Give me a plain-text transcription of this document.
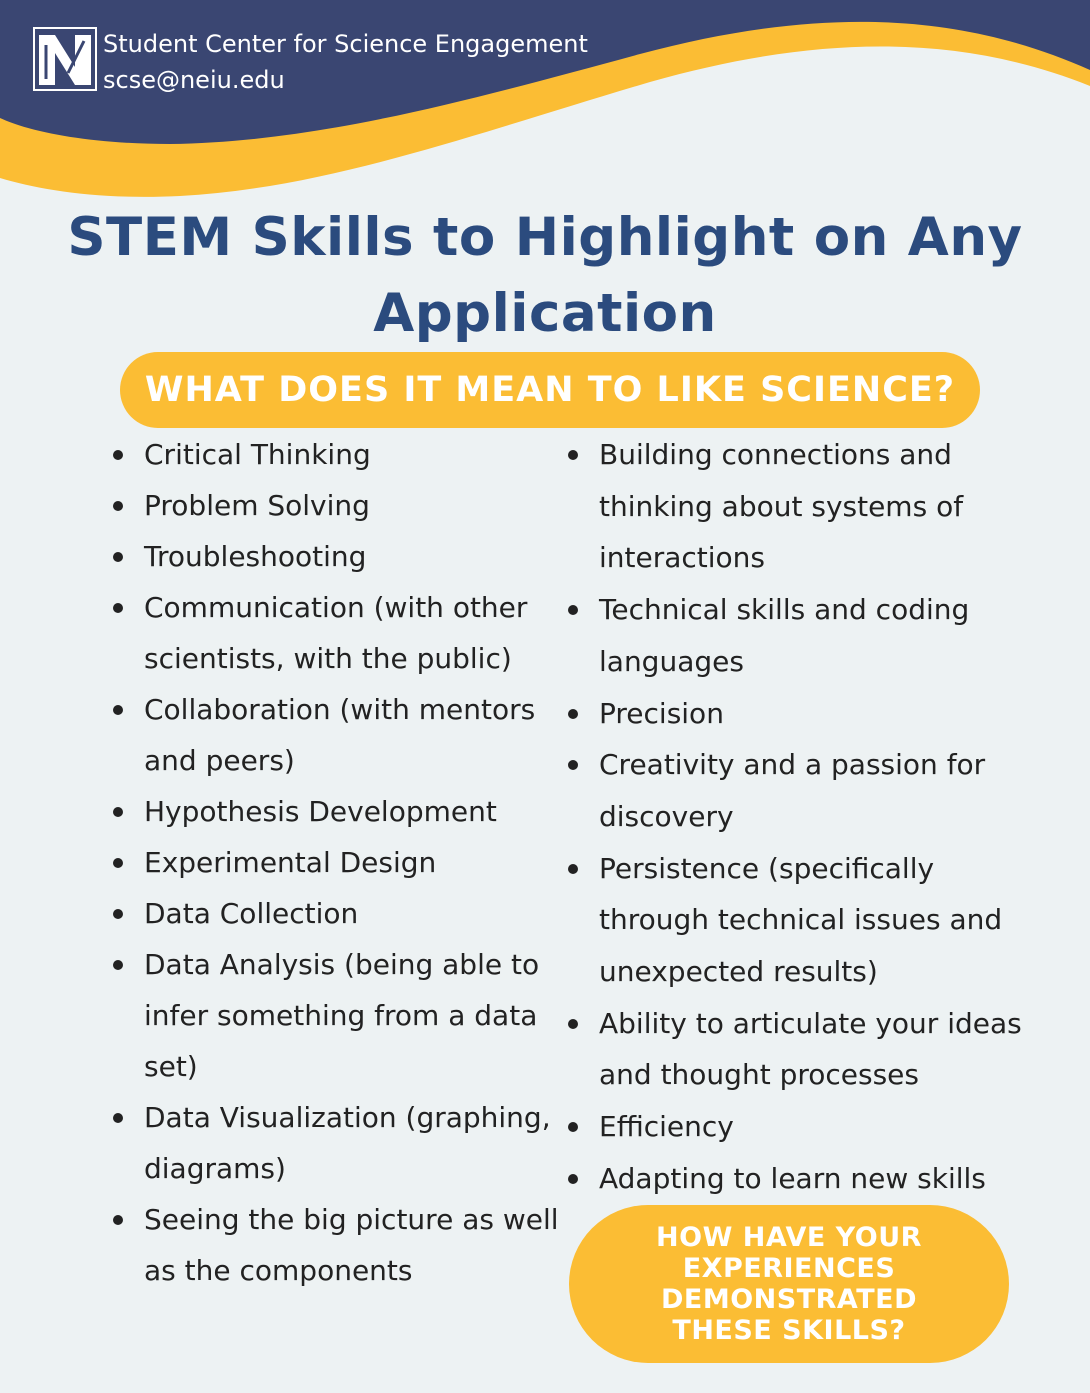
Student Center for Science Engagement
scse@neiu.edu
STEM Skills to Highlight on Any Application
WHAT DOES IT MEAN TO LIKE SCIENCE?
Critical Thinking
Problem Solving
Troubleshooting
Communication (with other scientists, with the public)
Collaboration (with mentors and peers)
Hypothesis Development
Experimental Design
Data Collection
Data Analysis (being able to infer something from a data set)
Data Visualization (graphing, diagrams)
Seeing the big picture as well as the components
Building connections and thinking about systems of interactions
Technical skills and coding languages
Precision
Creativity and a passion for discovery
Persistence (specifically through technical issues and unexpected results)
Ability to articulate your ideas and thought processes
Efficiency
Adapting to learn new skills
HOW HAVE YOUR EXPERIENCES DEMONSTRATED THESE SKILLS?
